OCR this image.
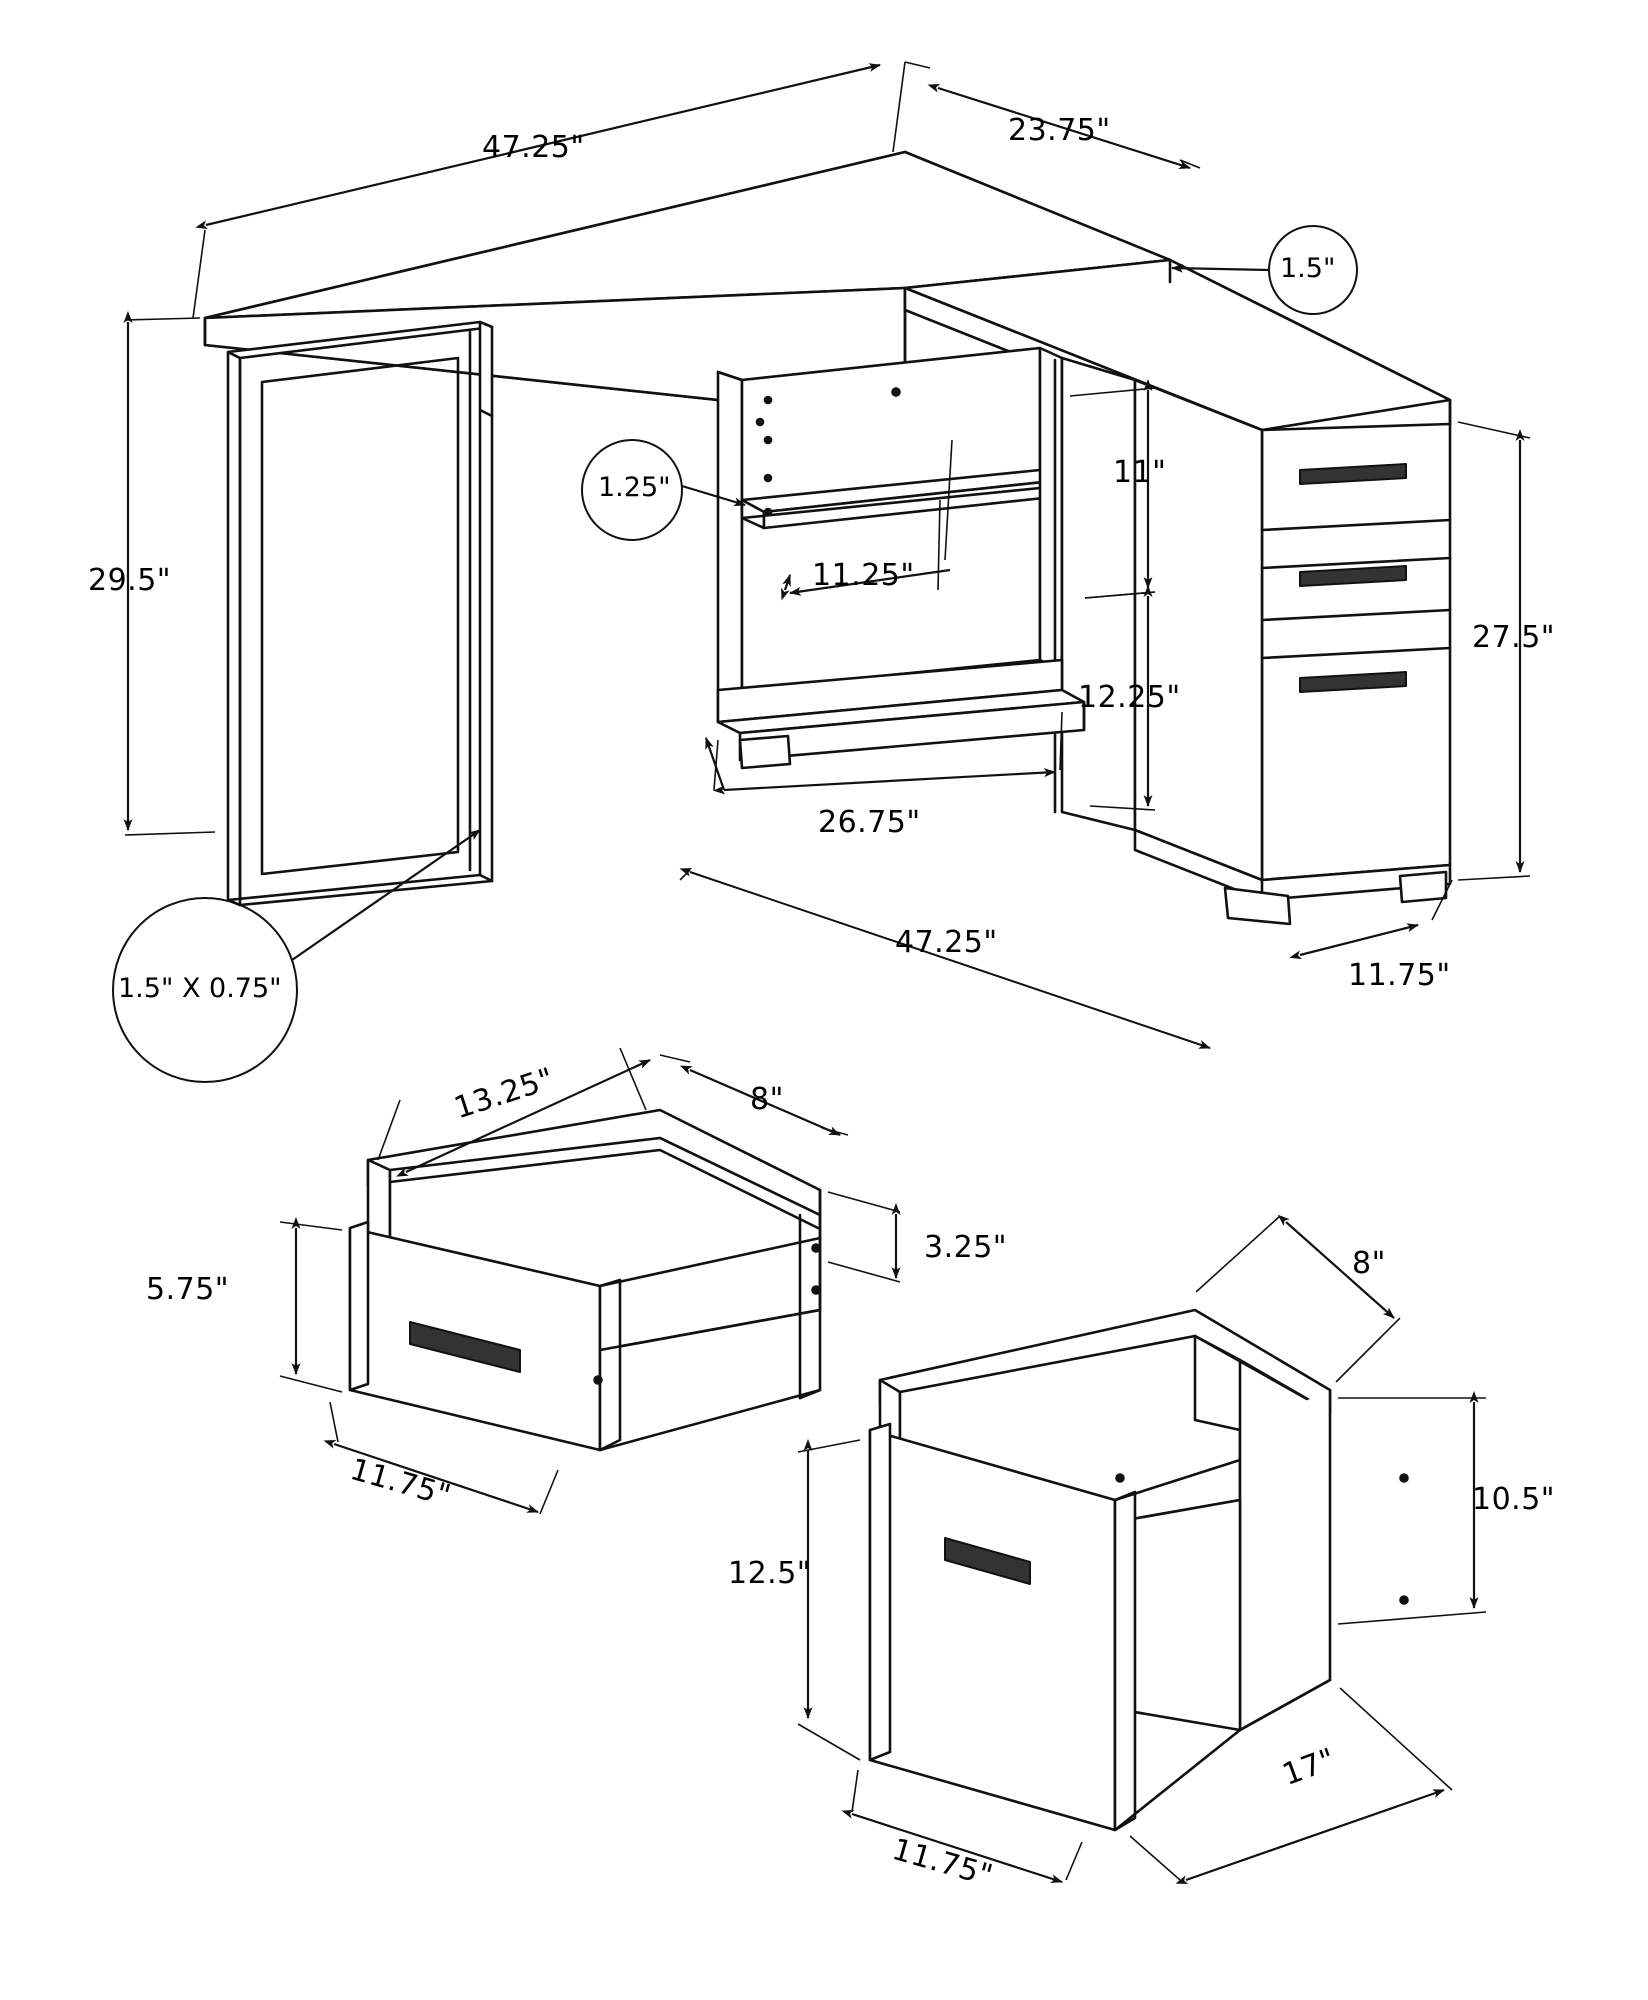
47.25"	23.75"
1.5"
29.5"
1.25"
11.25"
11"
12.25"
27.5"
26.75"
47.25"
11.75"
1.5" X 0.75"
13.25"	8"
3.25"
5.75"
11.75"
8"
10.5"
12.5"
11.75"
17"
